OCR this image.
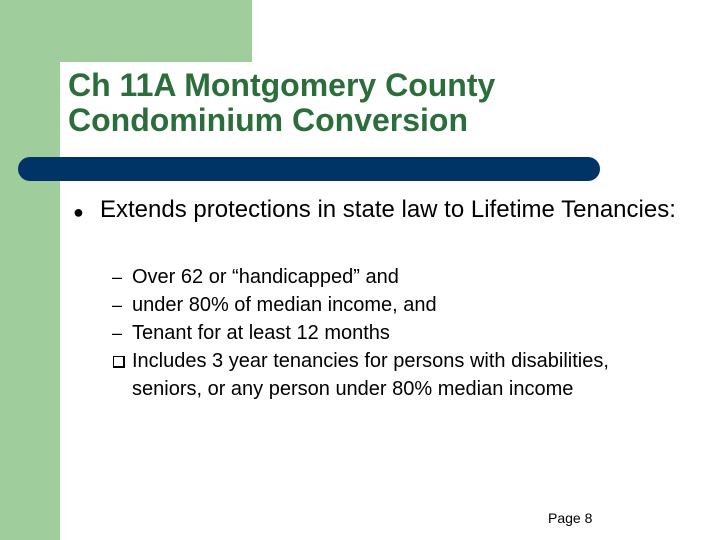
Ch 11A Montgomery County
Condominium Conversion
● Extends protections in state law to Lifetime Tenancies:

– Over 62 or “handicapped” and
– under 80% of median income, and
– Tenant for at least 12 months
Includes 3 year tenancies for persons with disabilities, seniors, or any person under 80% median income
Page 8
